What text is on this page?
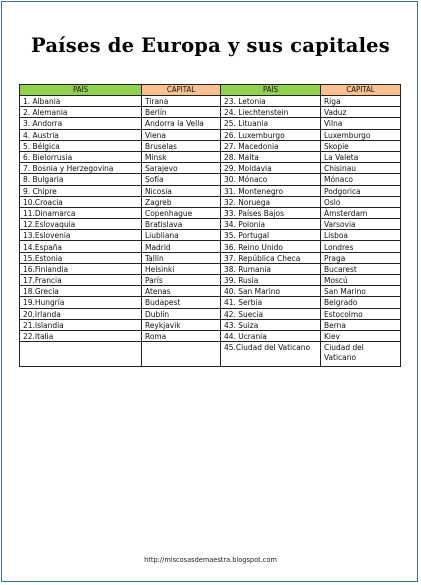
Países de Europa y sus capitales
PAÍS	CAPITAL	PAÍS	CAPITAL
1. Albania	Tirana	23. Letonia	Riga
2. Alemania	Berlín	24. Liechtenstein	Vaduz
3. Andorra	Andorra la Vella	25. Lituania	Vilna
4. Austria	Viena	26. Luxemburgo	Luxemburgo
5. Bélgica	Bruselas	27. Macedonia	Skopie
6. Bielorrusia	Minsk	28. Malta	La Valeta
7. Bosnia y Herzegovina	Sarajevo	29. Moldavia	Chisinau
8. Bulgaria	Sofía	30. Mónaco	Mónaco
9. Chipre	Nicosia	31. Montenegro	Podgorica
10.Croacia	Zagreb	32. Noruega	Oslo
11.Dinamarca	Copenhague	33. Países Bajos	Ámsterdam
12.Eslovaquia	Bratislava	34. Polonia	Varsovia
13.Eslovenia	Liubliana	35. Portugal	Lisboa
14.España	Madrid	36. Reino Unido	Londres
15.Estonia	Tallin	37. República Checa	Praga
16.Finlandia	Helsinki	38. Rumania	Bucarest
17.Francia	París	39. Rusia	Moscú
18.Grecia	Atenas	40. San Marino	San Marino
19.Hungría	Budapest	41. Serbia	Belgrado
20.Irlanda	Dublín	42. Suecia	Estocolmo
21.Islandia	Reykjavik	43. Suiza	Berna
22.Italia	Roma	44. Ucrania	Kiev
		45.Ciudad del Vaticano	Ciudad del Vaticano
http://miscosasdemaestra.blogspot.com
